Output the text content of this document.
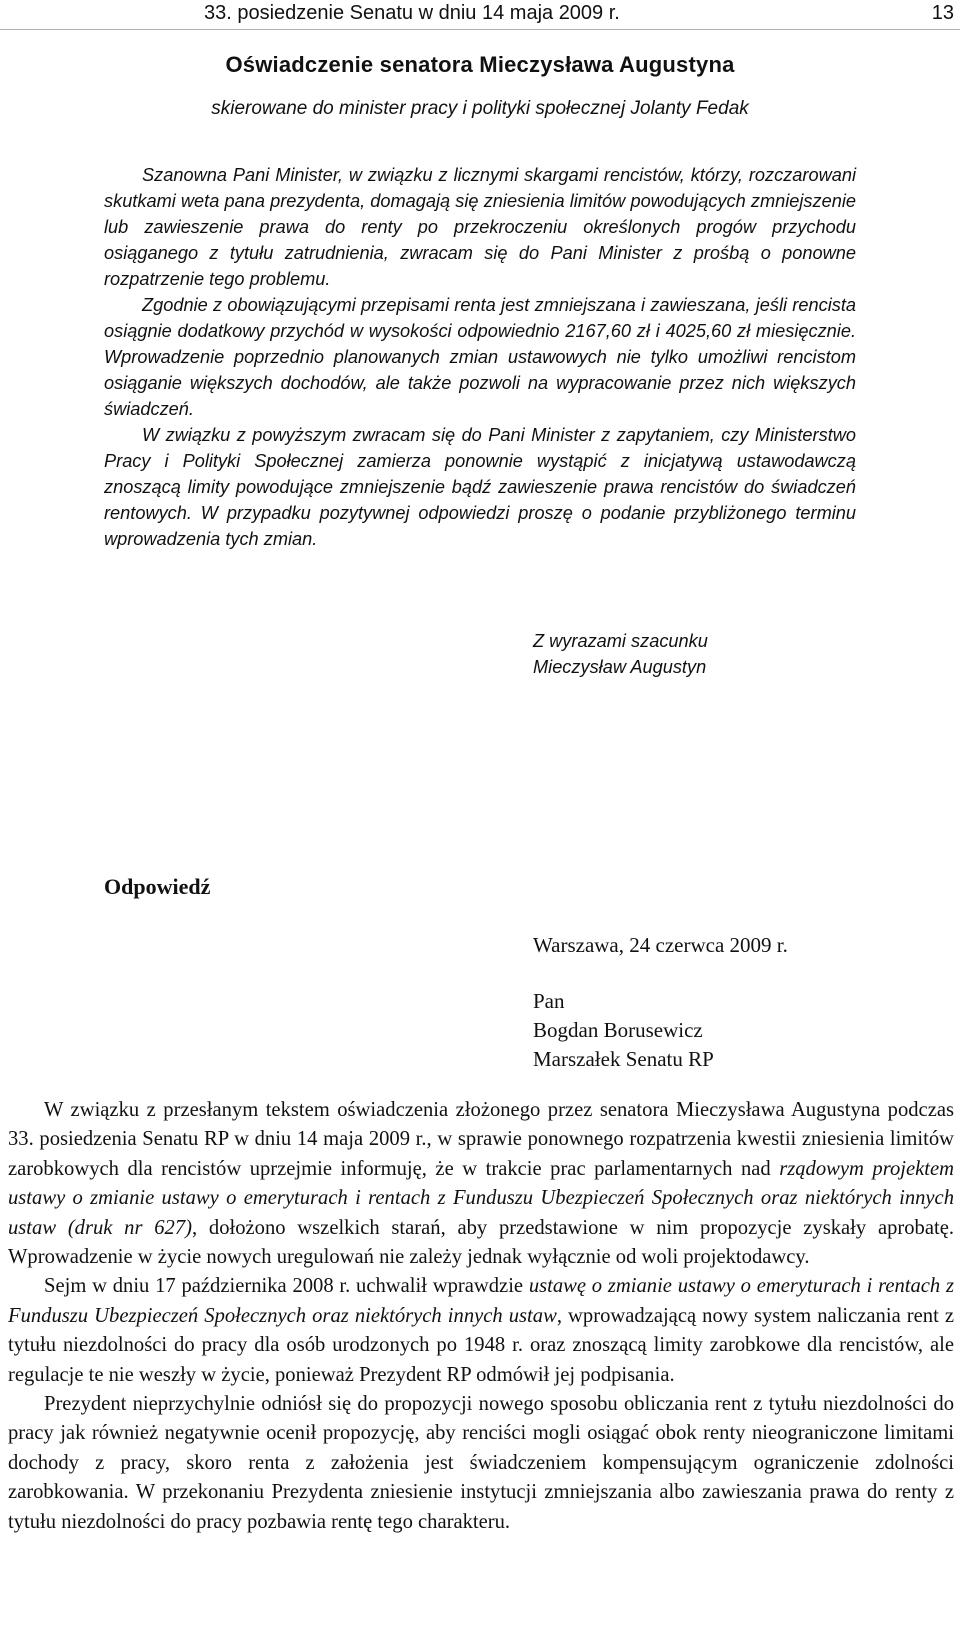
33. posiedzenie Senatu w dniu 14 maja 2009 r.	13
Oświadczenie senatora Mieczysława Augustyna
skierowane do minister pracy i polityki społecznej Jolanty Fedak

Szanowna Pani Minister, w związku z licznymi skargami rencistów, którzy, rozczarowani skutkami weta pana prezydenta, domagają się zniesienia limitów powodujących zmniejszenie lub zawieszenie prawa do renty po przekroczeniu określonych progów przychodu osiąganego z tytułu zatrudnienia, zwracam się do Pani Minister z prośbą o ponowne rozpatrzenie tego problemu.

Zgodnie z obowiązującymi przepisami renta jest zmniejszana i zawieszana, jeśli rencista osiągnie dodatkowy przychód w wysokości odpowiednio 2167,60 zł i 4025,60 zł miesięcznie. Wprowadzenie poprzednio planowanych zmian ustawowych nie tylko umożliwi rencistom osiąganie większych dochodów, ale także pozwoli na wypracowanie przez nich większych świadczeń.

W związku z powyższym zwracam się do Pani Minister z zapytaniem, czy Ministerstwo Pracy i Polityki Społecznej zamierza ponownie wystąpić z inicjatywą ustawodawczą znoszącą limity powodujące zmniejszenie bądź zawieszenie prawa rencistów do świadczeń rentowych. W przypadku pozytywnej odpowiedzi proszę o podanie przybliżonego terminu wprowadzenia tych zmian.

Z wyrazami szacunku
Mieczysław Augustyn
Odpowiedź
Warszawa, 24 czerwca 2009 r.
Pan
Bogdan Borusewicz
Marszałek Senatu RP

W związku z przesłanym tekstem oświadczenia złożonego przez senatora Mieczysława Augustyna podczas 33. posiedzenia Senatu RP w dniu 14 maja 2009 r., w sprawie ponownego rozpatrzenia kwestii zniesienia limitów zarobkowych dla rencistów uprzejmie informuję, że w trakcie prac parlamentarnych nad rządowym projektem ustawy o zmianie ustawy o emeryturach i rentach z Funduszu Ubezpieczeń Społecznych oraz niektórych innych ustaw (druk nr 627), dołożono wszelkich starań, aby przedstawione w nim propozycje zyskały aprobatę. Wprowadzenie w życie nowych uregulowań nie zależy jednak wyłącznie od woli projektodawcy.

Sejm w dniu 17 października 2008 r. uchwalił wprawdzie ustawę o zmianie ustawy o emeryturach i rentach z Funduszu Ubezpieczeń Społecznych oraz niektórych innych ustaw, wprowadzającą nowy system naliczania rent z tytułu niezdolności do pracy dla osób urodzonych po 1948 r. oraz znoszącą limity zarobkowe dla rencistów, ale regulacje te nie weszły w życie, ponieważ Prezydent RP odmówił jej podpisania.

Prezydent nieprzychylnie odniósł się do propozycji nowego sposobu obliczania rent z tytułu niezdolności do pracy jak również negatywnie ocenił propozycję, aby renciści mogli osiągać obok renty nieograniczone limitami dochody z pracy, skoro renta z założenia jest świadczeniem kompensującym ograniczenie zdolności zarobkowania. W przekonaniu Prezydenta zniesienie instytucji zmniejszania albo zawieszania prawa do renty z tytułu niezdolności do pracy pozbawia rentę tego charakteru.
